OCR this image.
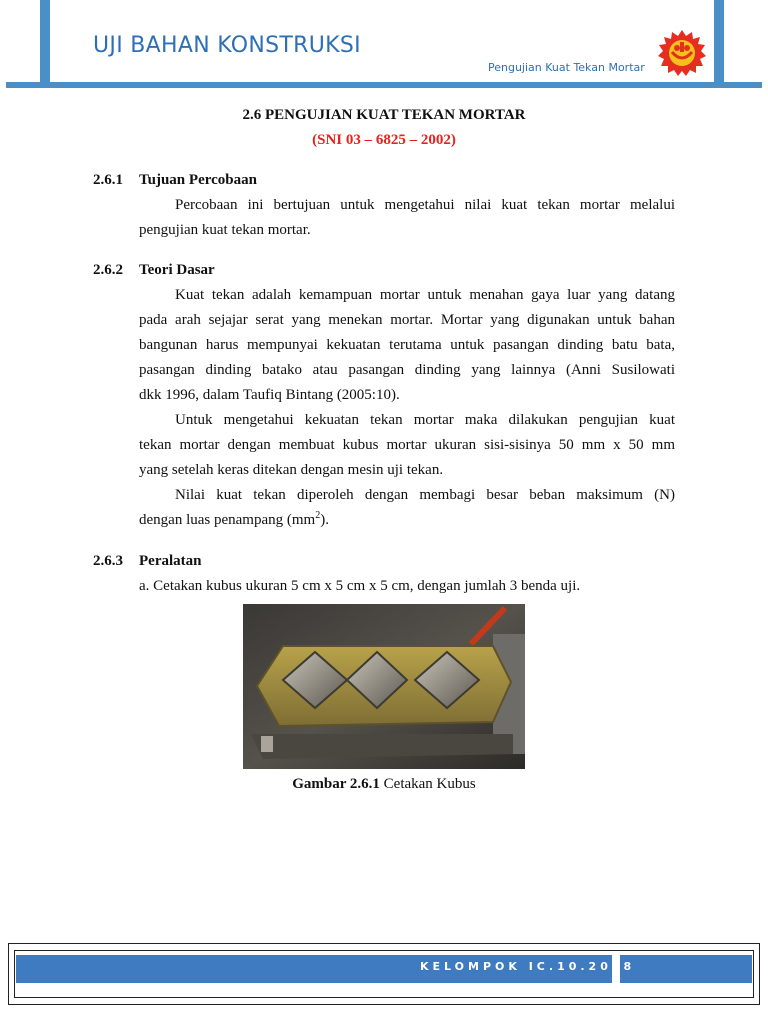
UJI BAHAN KONSTRUKSI
Pengujian Kuat Tekan Mortar
2.6 PENGUJIAN KUAT TEKAN MORTAR
(SNI 03 – 6825 – 2002)
2.6.1 Tujuan Percobaan
Percobaan ini bertujuan untuk mengetahui nilai kuat tekan mortar melalui
pengujian kuat tekan mortar.
2.6.2 Teori Dasar
Kuat tekan adalah kemampuan mortar untuk menahan gaya luar yang datang
pada arah sejajar serat yang menekan mortar. Mortar yang digunakan untuk bahan
bangunan harus mempunyai kekuatan terutama untuk pasangan dinding batu bata,
pasangan dinding batako atau pasangan dinding yang lainnya (Anni Susilowati
dkk 1996, dalam Taufiq Bintang (2005:10).
Untuk mengetahui kekuatan tekan mortar maka dilakukan pengujian kuat
tekan mortar dengan membuat kubus mortar ukuran sisi-sisinya 50 mm x 50 mm
yang setelah keras ditekan dengan mesin uji tekan.
Nilai kuat tekan diperoleh dengan membagi besar beban maksimum (N)
dengan luas penampang $(mm^2)$.
2.6.3 Peralatan
a. Cetakan kubus ukuran 5 cm x 5 cm x 5 cm, dengan jumlah 3 benda uji.
Gambar 2.6.1 Cetakan Kubus
KELOMPOK IC.10.2018
